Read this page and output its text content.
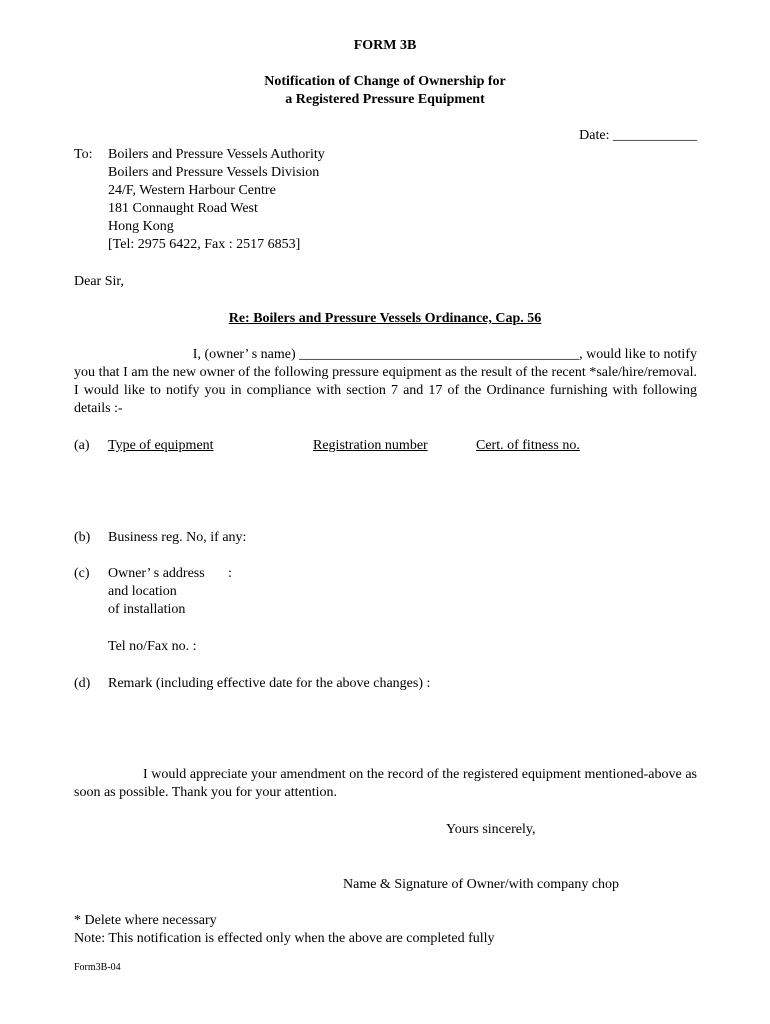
FORM 3B
Notification of Change of Ownership for
a Registered Pressure Equipment
Date: ____________
To: Boilers and Pressure Vessels Authority
Boilers and Pressure Vessels Division
24/F, Western Harbour Centre
181 Connaught Road West
Hong Kong
[Tel: 2975 6422, Fax : 2517 6853]
Dear Sir,
Re: Boilers and Pressure Vessels Ordinance, Cap. 56
I, (owner’ s name) ________________________________________, would like to notify
you that I am the new owner of the following pressure equipment as the result of the recent *sale/hire/removal. I would like to notify you in compliance with section 7 and 17 of the Ordinance furnishing with following details :-
(a) Type of equipment	Registration number	Cert. of fitness no.
(b) Business reg. No, if any:
(c) Owner’ s address :
and location
of installation
Tel no/Fax no. :
(d) Remark (including effective date for the above changes) :
I would appreciate your amendment on the record of the registered equipment mentioned-above as soon as possible. Thank you for your attention.
Yours sincerely,
Name & Signature of Owner/with company chop
* Delete where necessary
Note: This notification is effected only when the above are completed fully
Form3B-04
